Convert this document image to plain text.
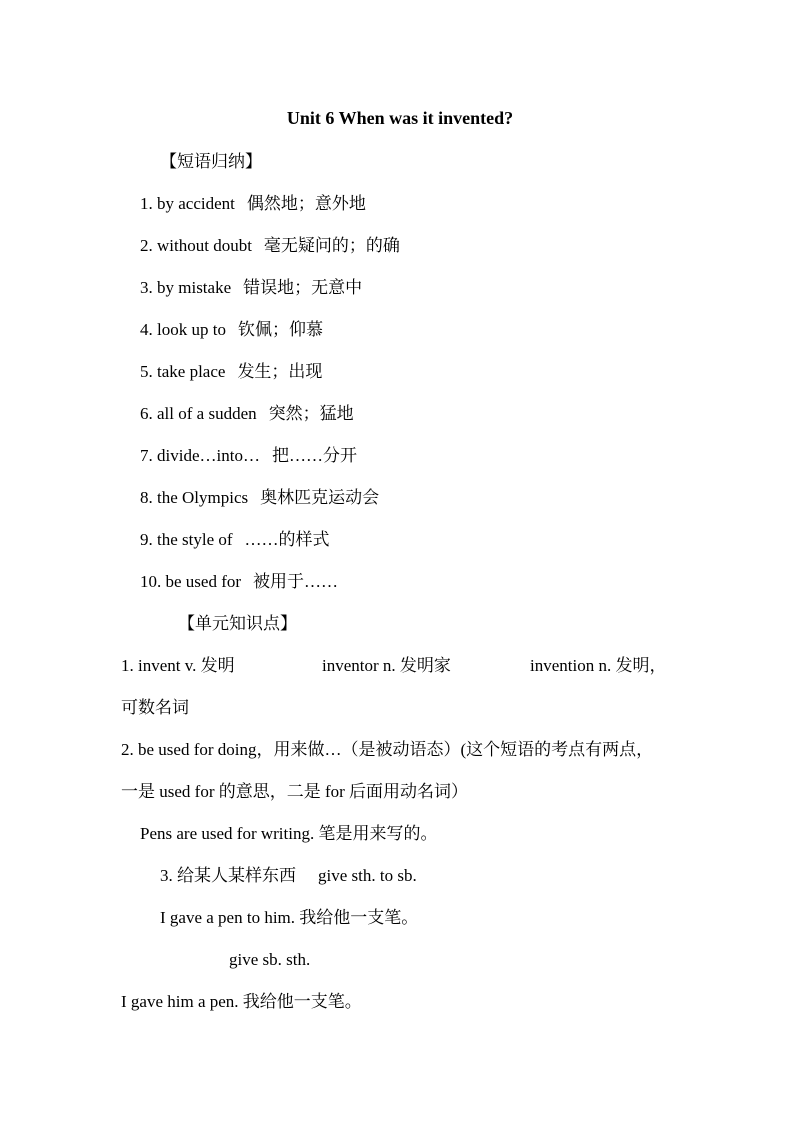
Unit 6 When was it invented?
【短语归纳】
1. by accident 偶然地；意外地
2. without doubt 毫无疑问的；的确
3. by mistake 错误地；无意中
4. look up to 钦佩；仰慕
5. take place 发生；出现
6. all of a sudden 突然；猛地
7. divide…into… 把……分开
8. the Olympics 奥林匹克运动会
9. the style of ……的样式
10. be used for 被用于……
【单元知识点】
1. invent v. 发明	inventor n. 发明家	invention n. 发明，
可数名词
2. be used for doing，用来做…（是被动语态）(这个短语的考点有两点，
一是 used for 的意思，二是 for 后面用动名词）
Pens are used for writing. 笔是用来写的。
3. 给某人某样东西 give sth. to sb.
I gave a pen to him. 我给他一支笔。
give sb. sth.
I gave him a pen. 我给他一支笔。
